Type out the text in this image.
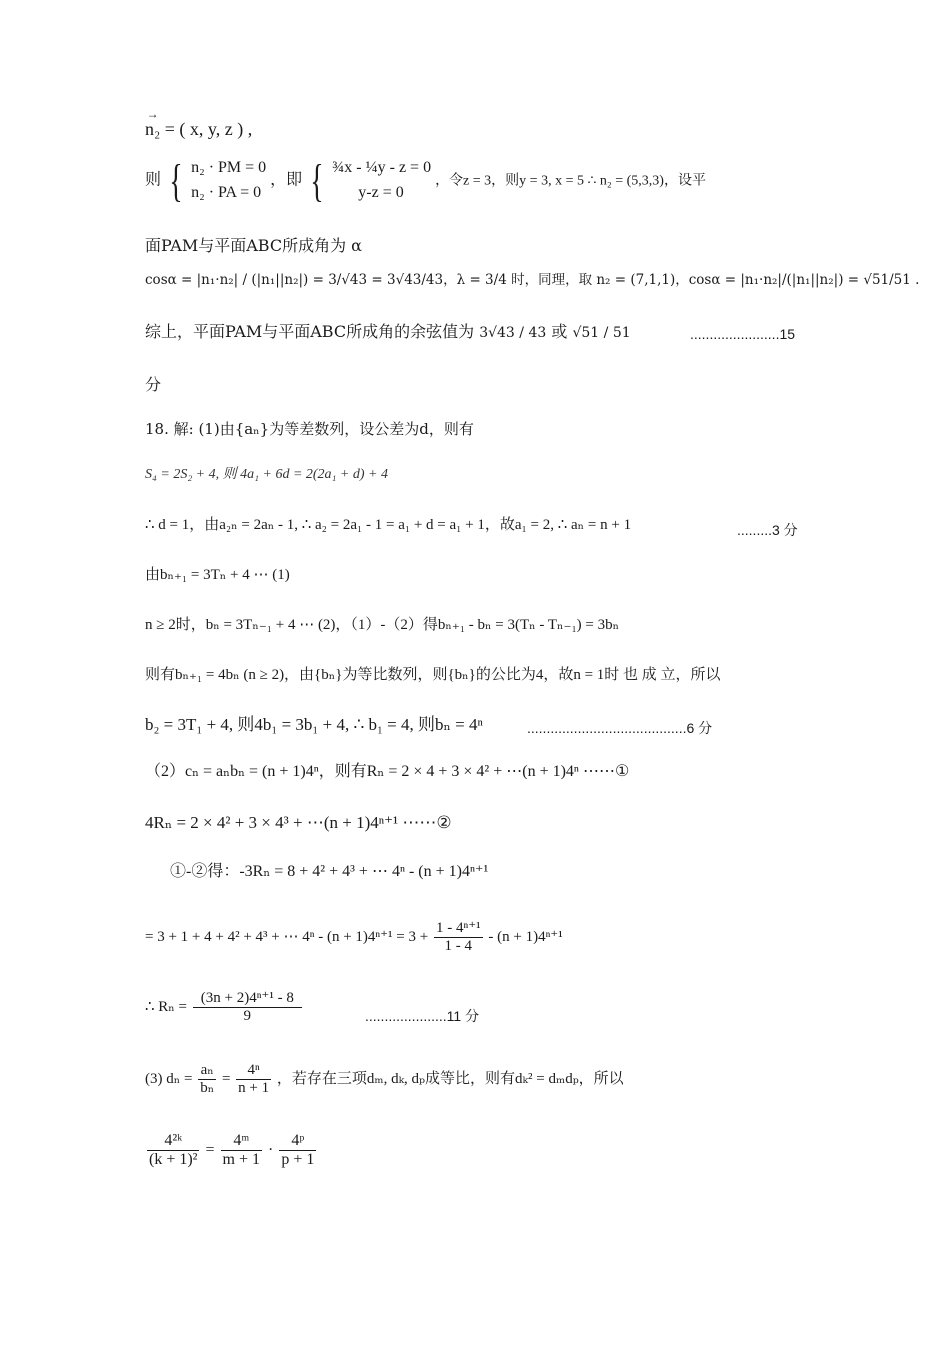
→ n₂ = ( x, y, z ) ,
则 { n₂ · PM = 0
n₂ · PA = 0
，即 { ¾x - ¼y - z = 0
y-z = 0
，令z = 3，则y = 3, x = 5 ∴ n₂ = (5,3,3)，设平
面PAM与平面ABC所成角为 α
cosα = |n₁·n₂| / (|n₁||n₂|) = 3/√43 = 3√43/43，λ = 3/4 时，同理，取 n₂ = (7,1,1)，cosα = |n₁·n₂|/(|n₁||n₂|) = √51/51 .
综上，平面PAM与平面ABC所成角的余弦值为 3√43 / 43 或 √51 / 51	.......................15
分
18. 解: (1)由{aₙ}为等差数列，设公差为d，则有
S₄ = 2S₂ + 4, 则 4a₁ + 6d = 2(2a₁ + d) + 4
∴ d = 1，由a₂ₙ = 2aₙ - 1, ∴ a₂ = 2a₁ - 1 = a₁ + d = a₁ + 1，故a₁ = 2, ∴ aₙ = n + 1	.........3 分
由bₙ₊₁ = 3Tₙ + 4 ⋯ (1)
n ≥ 2时，bₙ = 3Tₙ₋₁ + 4 ⋯ (2)，（1）-（2）得bₙ₊₁ - bₙ = 3(Tₙ - Tₙ₋₁) = 3bₙ
则有bₙ₊₁ = 4bₙ (n ≥ 2)，由{bₙ}为等比数列，则{bₙ}的公比为4，故n = 1时 也 成 立，所以
b₂ = 3T₁ + 4, 则4b₁ = 3b₁ + 4, ∴ b₁ = 4, 则bₙ = 4ⁿ	.........................................6 分
（2）cₙ = aₙbₙ = (n + 1)4ⁿ，则有Rₙ = 2 × 4 + 3 × 4² + ⋯(n + 1)4ⁿ ⋯⋯①
4Rₙ = 2 × 4² + 3 × 4³ + ⋯(n + 1)4ⁿ⁺¹ ⋯⋯②
①-②得：-3Rₙ = 8 + 4² + 4³ + ⋯ 4ⁿ - (n + 1)4ⁿ⁺¹
= 3 + 1 + 4 + 4² + 4³ + ⋯ $4^n - (n + 1)4^{n+1} = 3 + \frac{\text{1 - 4ⁿ⁺¹}}{1 - 4} - (n + 1)4^{n+1}$
∴ $R_n = \frac{\text{(3n + 2)4ⁿ⁺¹ - 8}}{9}$	.....................11 分
(3) $d_n = \frac{\text{aₙ}}{\text{bₙ}} = \frac{\text{4ⁿ}}{n + 1}$ ，若存在三项dₘ, dₖ, dₚ成等比，则有dₖ² = dₘdₚ，所以
$\frac{\text{4²ᵏ}}{\text{(k + 1)²}} = \frac{\text{4ᵐ}}{m + 1} \cdot \frac{\text{4ᵖ}}{p + 1}$
